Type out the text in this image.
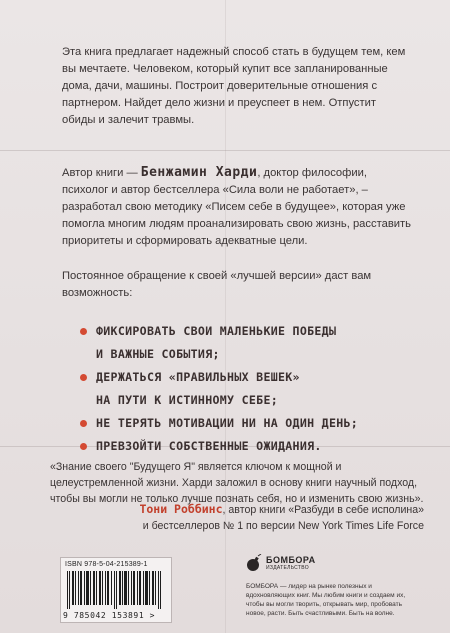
Эта книга предлагает надежный способ стать в будущем тем, кем вы мечтаете. Человеком, который купит все запланированные дома, дачи, машины. Построит доверительные отношения с партнером. Найдет дело жизни и преуспеет в нем. Отпустит обиды и залечит травмы.
Автор книги — Бенжамин Харди, доктор философии, психолог и автор бестселлера «Сила воли не работает», – разработал свою методику «Писем себе в будущее», которая уже помогла многим людям проанализировать свою жизнь, расставить приоритеты и сформировать адекватные цели.
Постоянное обращение к своей «лучшей версии» даст вам возможность:
ФИКСИРОВАТЬ СВОИ МАЛЕНЬКИЕ ПОБЕДЫ
И ВАЖНЫЕ СОБЫТИЯ;
ДЕРЖАТЬСЯ «ПРАВИЛЬНЫХ ВЕШЕК»
НА ПУТИ К ИСТИННОМУ СЕБЕ;
НЕ ТЕРЯТЬ МОТИВАЦИИ НИ НА ОДИН ДЕНЬ;
ПРЕВЗОЙТИ СОБСТВЕННЫЕ ОЖИДАНИЯ.
«Знание своего "Будущего Я" является ключом к мощной и целеустремленной жизни. Харди заложил в основу книги научный подход, чтобы вы могли не только лучше познать себя, но и изменить свою жизнь».
Тони Роббинс, автор книги «Разбуди в себе исполина»
и бестселлеров № 1 по версии New York Times Life Force
ISBN 978-5-04-215389-1
9 785042 153891 >
БОМБОРА
ИЗДАТЕЛЬСТВО
БОМБОРА — лидер на рынке полезных и вдохновляющих книг. Мы любим книги и создаем их, чтобы вы могли творить, открывать мир, пробовать новое, расти. Быть счастливыми. Быть на волне.
